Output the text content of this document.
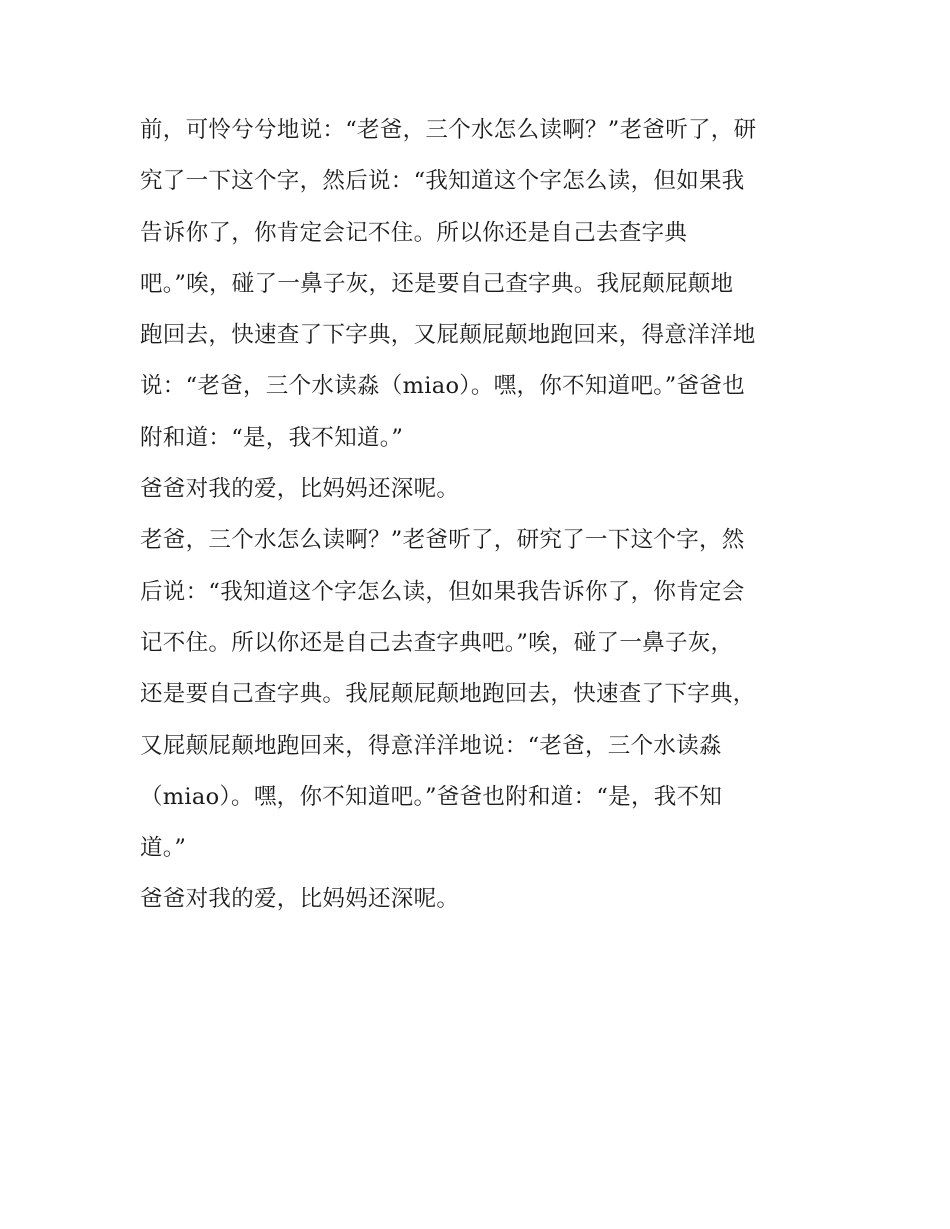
前，可怜兮兮地说：“老爸，三个水怎么读啊？”老爸听了，研
究了一下这个字，然后说：“我知道这个字怎么读，但如果我
告诉你了，你肯定会记不住。所以你还是自己去查字典
吧。”唉，碰了一鼻子灰，还是要自己查字典。我屁颠屁颠地
跑回去，快速查了下字典，又屁颠屁颠地跑回来，得意洋洋地
说：“老爸，三个水读淼（miao）。嘿，你不知道吧。”爸爸也
附和道：“是，我不知道。”
爸爸对我的爱，比妈妈还深呢。
老爸，三个水怎么读啊？”老爸听了，研究了一下这个字，然
后说：“我知道这个字怎么读，但如果我告诉你了，你肯定会
记不住。所以你还是自己去查字典吧。”唉，碰了一鼻子灰，
还是要自己查字典。我屁颠屁颠地跑回去，快速查了下字典，
又屁颠屁颠地跑回来，得意洋洋地说：“老爸，三个水读淼
（miao）。嘿，你不知道吧。”爸爸也附和道：“是，我不知
道。”
爸爸对我的爱，比妈妈还深呢。
